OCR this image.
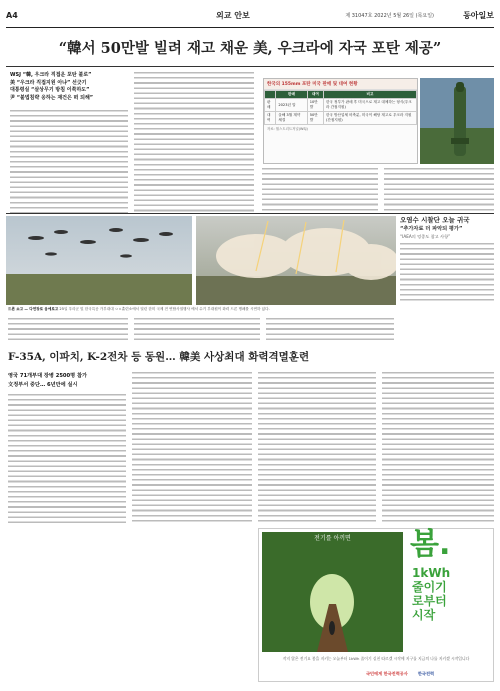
A4	외교 안보	제 31047호 2022년 5월 26일 (목요일)	동아일보
“韓서 50만발 빌려 재고 채운 美, 우크라에 자국 포탄 제공”
WSJ “韓, 우크라 직접운 포탄 불로”
美 “우크라 직접지원 아냐” 선긋기
대통령실 “살상무기 방침 이쭉하도”
尹 “불법침략 응하는 재건은 떠 되해”
한국의 155mm 포탄 미국 판매 및 대여 현황
	판매	대여	비고
판매	2023년 말	10만 발	한국 정부가 판매 후 미국으로 재고 대체하는 형식(우크라 간접지원)
대여	올해 3월 계약 체결	50만 발	한국 방산업체 비축분, 미국이 해당 재고로 우크라 지원(간접지원)
자료: 월스트리트저널(WSJ)
오염수 시찰단 오늘 귀국
“추가자료 더 파악되 평가”
“IAEA의 엉종도 참고 사항”
드론 쇼고 — 다연장로 응에로고 25일 우리군 및 한국특공 가부대대 ㅇㅇ훈련소에서 열린 한미 국제 전 연합사열행사 에서 수기 부대원이 화력 드론 병폐를 시연하 있다.
F-35A, 이파치, K-2전차 등 동원… 韓美 사상최대 화력격멸훈련
영국 71개부대 장병 2500명 참가
文정부서 중단… 6년만에 실시
전기를 아끼면	봄.
1kWh
줄이기
로부터
시작
작지 않은 전기요 봄을 지키는 오늘부터 1kWh 줄이기 실천 따르겠 시작에 지구를 지금의 나를 지키겠 시작입니다
국민에게 한국전력공사 한국전력
